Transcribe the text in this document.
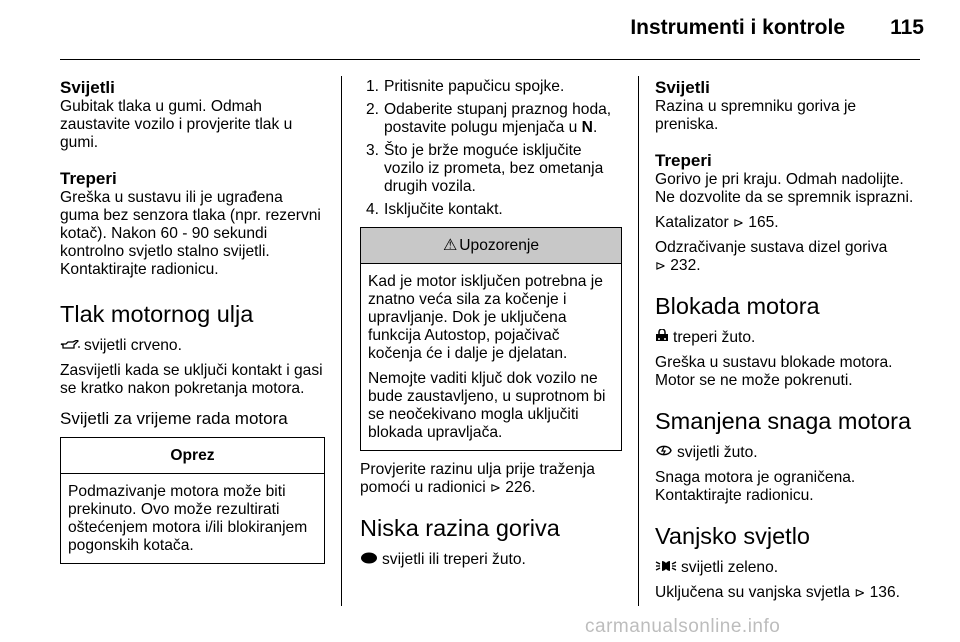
Instrumenti i kontrole 115
Svijetli

Gubitak tlaka u gumi. Odmah zaustavite vozilo i provjerite tlak u gumi.

Treperi

Greška u sustavu ili je ugrađena guma bez senzora tlaka (npr. rezervni kotač). Nakon 60 - 90 sekundi kontrolno svjetlo stalno svijetli. Kontaktirajte radionicu.

Tlak motornog ulja

svijetli crveno.

Zasvijetli kada se uključi kontakt i gasi se kratko nakon pokretanja motora.

Svijetli za vrijeme rada motora
Oprez

Podmazivanje motora može biti prekinuto. Ovo može rezultirati oštećenjem motora i/ili blokiranjem pogonskih kotača.

1. Pritisnite papučicu spojke.
2. Odaberite stupanj praznog hoda, postavite polugu mjenjača u N.
3. Što je brže moguće isključite vozilo iz prometa, bez ometanja drugih vozila.
4. Isključite kontakt.
⚠ Upozorenje

Kad je motor isključen potrebna je znatno veća sila za kočenje i upravljanje. Dok je uključena funkcija Autostop, pojačivač kočenja će i dalje je djelatan.

Nemojte vaditi ključ dok vozilo ne bude zaustavljeno, u suprotnom bi se neočekivano mogla uključiti blokada upravljača.

Provjerite razinu ulja prije traženja pomoći u radionici ⊳ 226.

Niska razina goriva

svijetli ili treperi žuto.

Svijetli

Razina u spremniku goriva je preniska.

Treperi

Gorivo je pri kraju. Odmah nadolijte. Ne dozvolite da se spremnik isprazni.

Katalizator ⊳ 165.

Odzračivanje sustava dizel goriva
⊳ 232.

Blokada motora

treperi žuto.

Greška u sustavu blokade motora. Motor se ne može pokrenuti.

Smanjena snaga motora

svijetli žuto.

Snaga motora je ograničena. Kontaktirajte radionicu.

Vanjsko svjetlo

svijetli zeleno.

Uključena su vanjska svjetla ⊳ 136.

carmanualsonline.info
